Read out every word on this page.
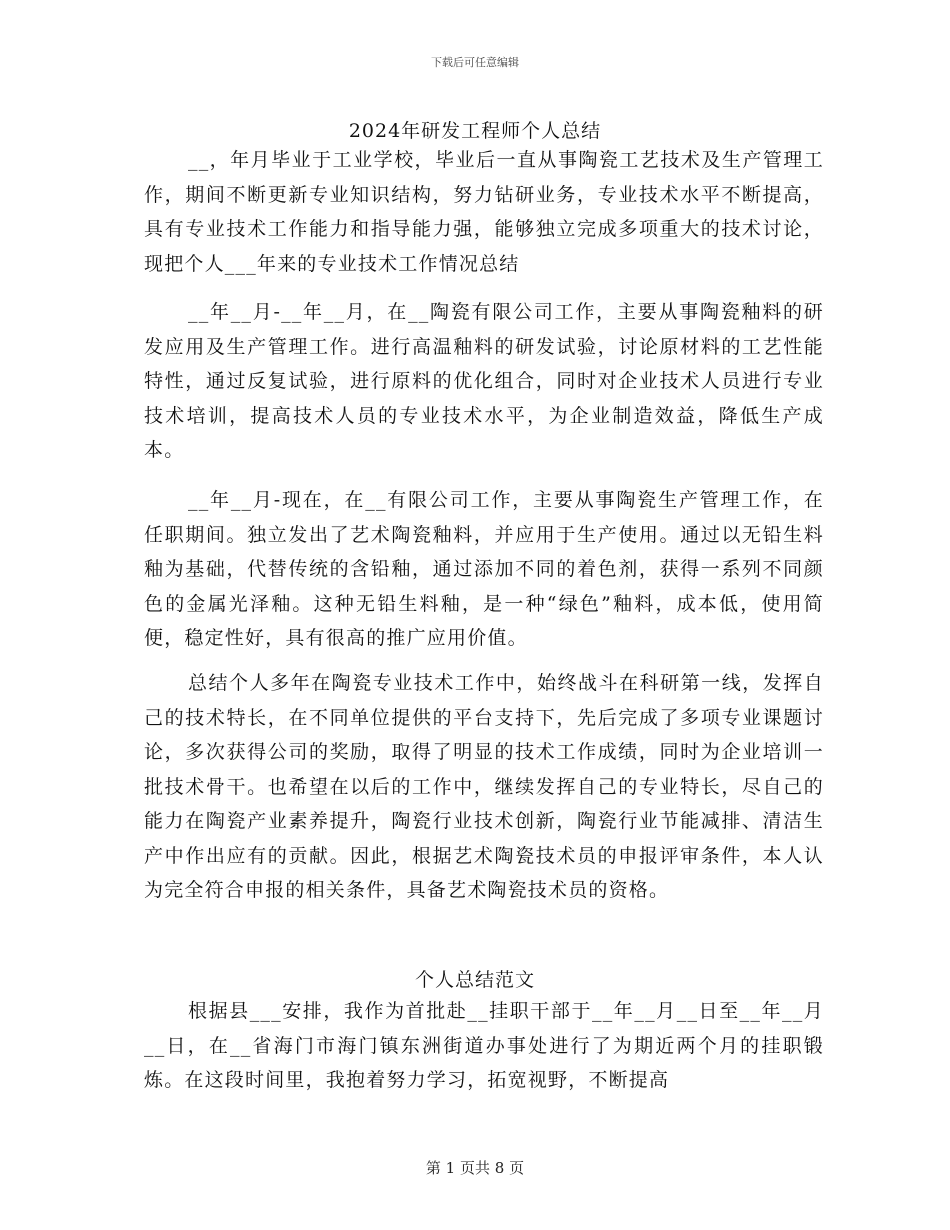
下载后可任意编辑
2024年研发工程师个人总结

__，年月毕业于工业学校，毕业后一直从事陶瓷工艺技术及生产管理工作，期间不断更新专业知识结构，努力钻研业务，专业技术水平不断提高，具有专业技术工作能力和指导能力强，能够独立完成多项重大的技术讨论，现把个人___年来的专业技术工作情况总结

__年__月-__年__月，在__陶瓷有限公司工作，主要从事陶瓷釉料的研发应用及生产管理工作。进行高温釉料的研发试验，讨论原材料的工艺性能特性，通过反复试验，进行原料的优化组合，同时对企业技术人员进行专业技术培训，提高技术人员的专业技术水平，为企业制造效益，降低生产成本。

__年__月-现在，在__有限公司工作，主要从事陶瓷生产管理工作，在任职期间。独立发出了艺术陶瓷釉料，并应用于生产使用。通过以无铅生料釉为基础，代替传统的含铅釉，通过添加不同的着色剂，获得一系列不同颜色的金属光泽釉。这种无铅生料釉，是一种“绿色”釉料，成本低，使用简便，稳定性好，具有很高的推广应用价值。

总结个人多年在陶瓷专业技术工作中，始终战斗在科研第一线，发挥自己的技术特长，在不同单位提供的平台支持下，先后完成了多项专业课题讨论，多次获得公司的奖励，取得了明显的技术工作成绩，同时为企业培训一批技术骨干。也希望在以后的工作中，继续发挥自己的专业特长，尽自己的能力在陶瓷产业素养提升，陶瓷行业技术创新，陶瓷行业节能减排、清洁生产中作出应有的贡献。因此，根据艺术陶瓷技术员的申报评审条件，本人认为完全符合申报的相关条件，具备艺术陶瓷技术员的资格。

个人总结范文

根据县___安排，我作为首批赴__挂职干部于__年__月__日至__年__月__日，在__省海门市海门镇东洲街道办事处进行了为期近两个月的挂职锻炼。在这段时间里，我抱着努力学习，拓宽视野，不断提高

第 1 页共 8 页
